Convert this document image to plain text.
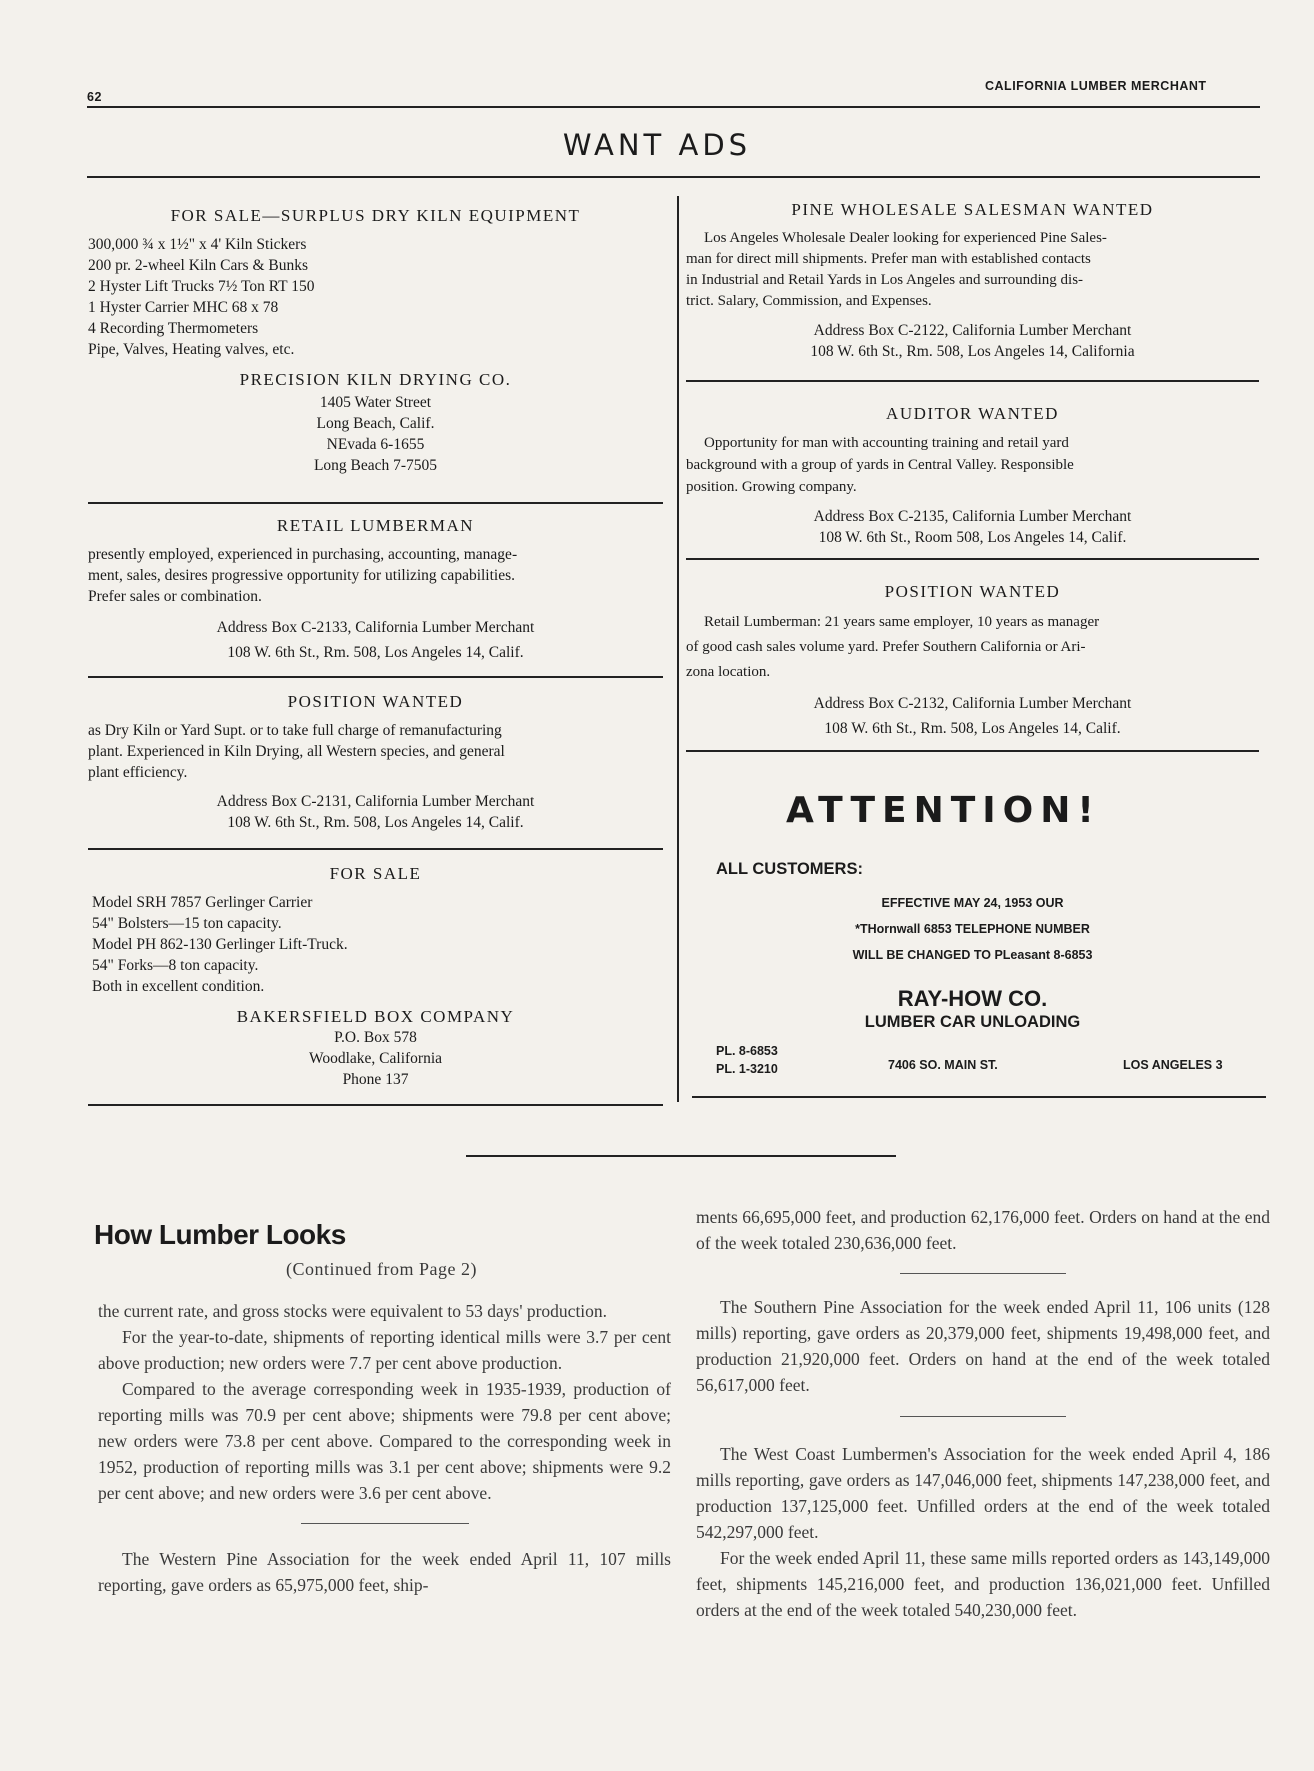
62
CALIFORNIA LUMBER MERCHANT
WANT ADS
FOR SALE—SURPLUS DRY KILN EQUIPMENT
300,000 ¾ x 1½" x 4' Kiln Stickers
200 pr. 2-wheel Kiln Cars & Bunks
2 Hyster Lift Trucks 7½ Ton RT 150
1 Hyster Carrier MHC 68 x 78
4 Recording Thermometers
Pipe, Valves, Heating valves, etc.
PRECISION KILN DRYING CO.
1405 Water Street
Long Beach, Calif.
NEvada 6-1655
Long Beach 7-7505
RETAIL LUMBERMAN
presently employed, experienced in purchasing, accounting, manage-
ment, sales, desires progressive opportunity for utilizing capabilities.
Prefer sales or combination.
Address Box C-2133, California Lumber Merchant
108 W. 6th St., Rm. 508, Los Angeles 14, Calif.
POSITION WANTED
as Dry Kiln or Yard Supt. or to take full charge of remanufacturing
plant. Experienced in Kiln Drying, all Western species, and general
plant efficiency.
Address Box C-2131, California Lumber Merchant
108 W. 6th St., Rm. 508, Los Angeles 14, Calif.
FOR SALE
Model SRH 7857 Gerlinger Carrier
54" Bolsters—15 ton capacity.
Model PH 862-130 Gerlinger Lift-Truck.
54" Forks—8 ton capacity.
Both in excellent condition.
BAKERSFIELD BOX COMPANY
P.O. Box 578
Woodlake, California
Phone 137
PINE WHOLESALE SALESMAN WANTED
Los Angeles Wholesale Dealer looking for experienced Pine Sales-
man for direct mill shipments. Prefer man with established contacts
in Industrial and Retail Yards in Los Angeles and surrounding dis-
trict. Salary, Commission, and Expenses.
Address Box C-2122, California Lumber Merchant
108 W. 6th St., Rm. 508, Los Angeles 14, California
AUDITOR WANTED
Opportunity for man with accounting training and retail yard
background with a group of yards in Central Valley. Responsible
position. Growing company.
Address Box C-2135, California Lumber Merchant
108 W. 6th St., Room 508, Los Angeles 14, Calif.
POSITION WANTED
Retail Lumberman: 21 years same employer, 10 years as manager
of good cash sales volume yard. Prefer Southern California or Ari-
zona location.
Address Box C-2132, California Lumber Merchant
108 W. 6th St., Rm. 508, Los Angeles 14, Calif.
ATTENTION!
ALL CUSTOMERS:
EFFECTIVE MAY 24, 1953 OUR
*THornwall 6853 TELEPHONE NUMBER
WILL BE CHANGED TO PLeasant 8-6853
RAY-HOW CO.
LUMBER CAR UNLOADING
PL. 8-6853
PL. 1-3210	7406 SO. MAIN ST.	LOS ANGELES 3
How Lumber Looks
(Continued from Page 2)

the current rate, and gross stocks were equivalent to 53 days' production.

For the year-to-date, shipments of reporting identical mills were 3.7 per cent above production; new orders were 7.7 per cent above production.

Compared to the average corresponding week in 1935-1939, production of reporting mills was 70.9 per cent above; shipments were 79.8 per cent above; new orders were 73.8 per cent above. Compared to the corresponding week in 1952, production of reporting mills was 3.1 per cent above; shipments were 9.2 per cent above; and new orders were 3.6 per cent above.

The Western Pine Association for the week ended April 11, 107 mills reporting, gave orders as 65,975,000 feet, ship-

ments 66,695,000 feet, and production 62,176,000 feet. Orders on hand at the end of the week totaled 230,636,000 feet.

The Southern Pine Association for the week ended April 11, 106 units (128 mills) reporting, gave orders as 20,379,000 feet, shipments 19,498,000 feet, and production 21,920,000 feet. Orders on hand at the end of the week totaled 56,617,000 feet.

The West Coast Lumbermen's Association for the week ended April 4, 186 mills reporting, gave orders as 147,046,000 feet, shipments 147,238,000 feet, and production 137,125,000 feet. Unfilled orders at the end of the week totaled 542,297,000 feet.

For the week ended April 11, these same mills reported orders as 143,149,000 feet, shipments 145,216,000 feet, and production 136,021,000 feet. Unfilled orders at the end of the week totaled 540,230,000 feet.
